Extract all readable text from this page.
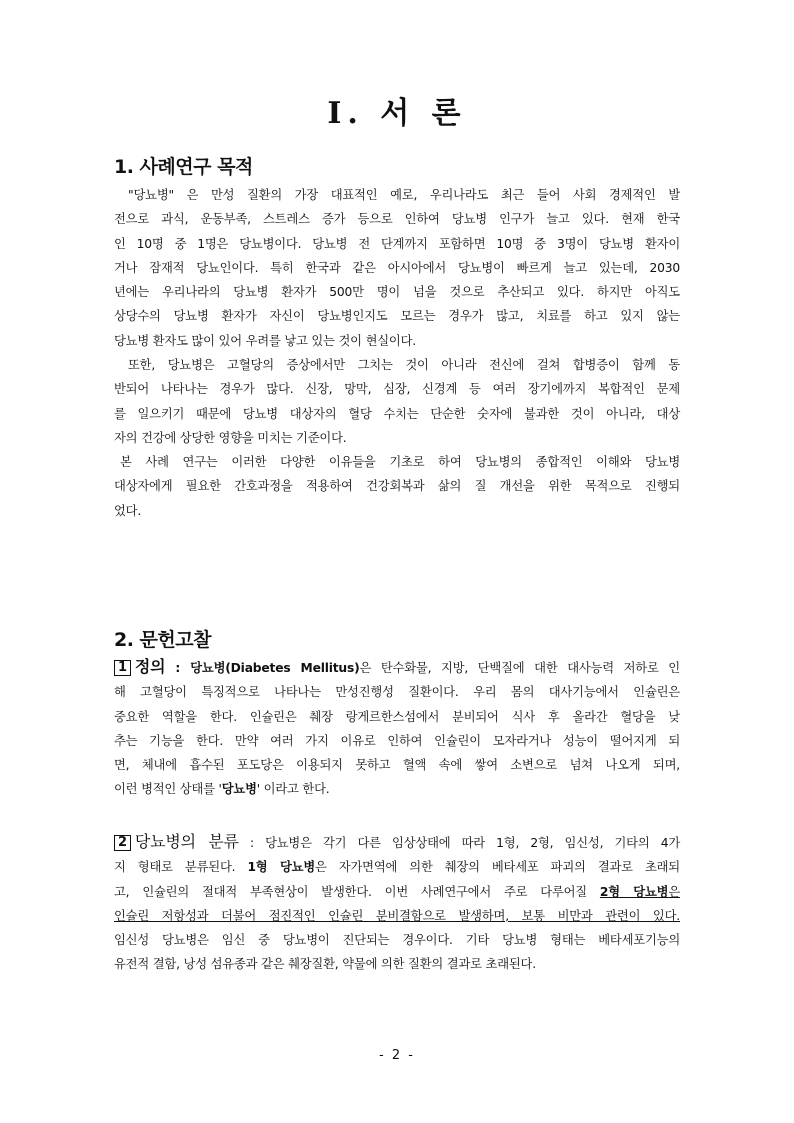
I. 서 론
1. 사례연구 목적
"당뇨병" 은 만성 질환의 가장 대표적인 예로, 우리나라도 최근 들어 사회 경제적인 발
전으로 과식, 운동부족, 스트레스 증가 등으로 인하여 당뇨병 인구가 늘고 있다. 현재 한국
인 10명 중 1명은 당뇨병이다. 당뇨병 전 단계까지 포함하면 10명 중 3명이 당뇨병 환자이
거나 잠재적 당뇨인이다. 특히 한국과 같은 아시아에서 당뇨병이 빠르게 늘고 있는데, 2030
년에는 우리나라의 당뇨병 환자가 500만 명이 넘을 것으로 추산되고 있다. 하지만 아직도
상당수의 당뇨병 환자가 자신이 당뇨병인지도 모르는 경우가 많고, 치료를 하고 있지 않는
당뇨병 환자도 많이 있어 우려를 낳고 있는 것이 현실이다.
또한, 당뇨병은 고혈당의 증상에서만 그치는 것이 아니라 전신에 걸쳐 합병증이 함께 동
반되어 나타나는 경우가 많다. 신장, 망막, 심장, 신경계 등 여러 장기에까지 복합적인 문제
를 일으키기 때문에 당뇨병 대상자의 혈당 수치는 단순한 숫자에 불과한 것이 아니라, 대상
자의 건강에 상당한 영향을 미치는 기준이다.
본 사례 연구는 이러한 다양한 이유들을 기초로 하여 당뇨병의 종합적인 이해와 당뇨병
대상자에게 필요한 간호과정을 적용하여 건강회복과 삶의 질 개선을 위한 목적으로 진행되
었다.
2. 문헌고찰
1 정의 : 당뇨병(Diabetes Mellitus)은 탄수화물, 지방, 단백질에 대한 대사능력 저하로 인
해 고혈당이 특징적으로 나타나는 만성진행성 질환이다. 우리 몸의 대사기능에서 인슐린은
중요한 역할을 한다. 인슐린은 췌장 랑게르한스섬에서 분비되어 식사 후 올라간 혈당을 낮
추는 기능을 한다. 만약 여러 가지 이유로 인하여 인슐린이 모자라거나 성능이 떨어지게 되
면, 체내에 흡수된 포도당은 이용되지 못하고 혈액 속에 쌓여 소변으로 넘쳐 나오게 되며,
이런 병적인 상태를 '당뇨병' 이라고 한다.
2 당뇨병의 분류 : 당뇨병은 각기 다른 임상상태에 따라 1형, 2형, 임신성, 기타의 4가
지 형태로 분류된다. 1형 당뇨병은 자가면역에 의한 췌장의 베타세포 파괴의 결과로 초래되
고, 인슐린의 절대적 부족현상이 발생한다. 이번 사례연구에서 주로 다루어질 2형 당뇨병은
인슐린 저항성과 더불어 점진적인 인슐린 분비결함으로 발생하며, 보통 비만과 관련이 있다.
임신성 당뇨병은 임신 중 당뇨병이 진단되는 경우이다. 기타 당뇨병 형태는 베타세포기능의
유전적 결함, 낭성 섬유종과 같은 췌장질환, 약물에 의한 질환의 결과로 초래된다.
- 2 -
